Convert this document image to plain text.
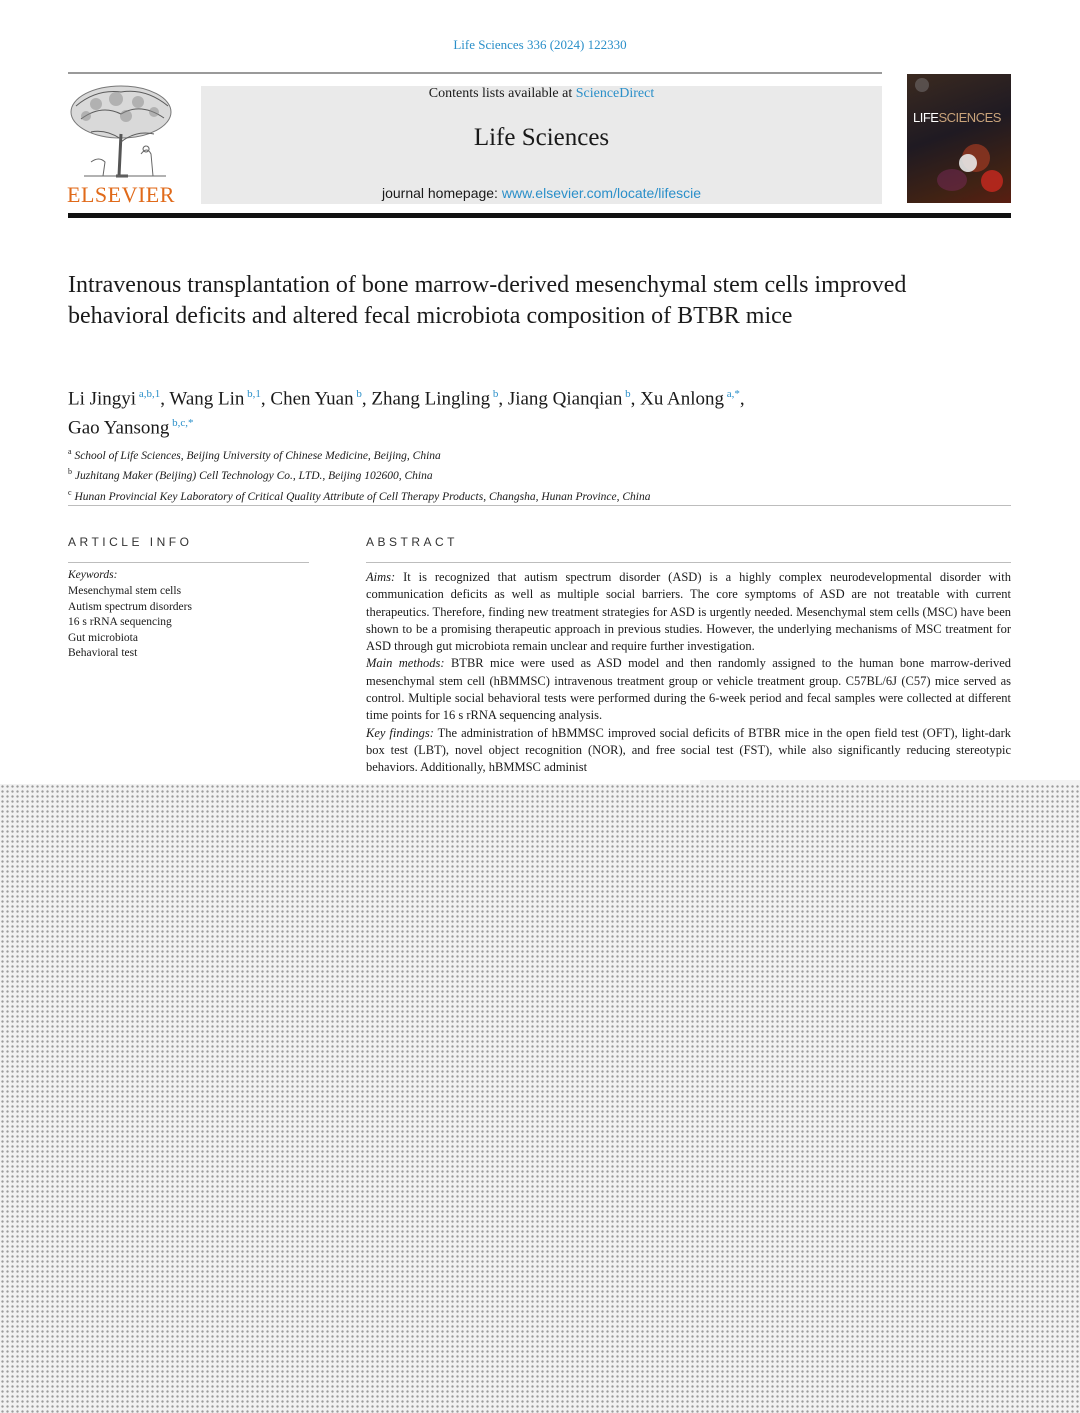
Life Sciences 336 (2024) 122330
ELSEVIER
Contents lists available at ScienceDirect
Life Sciences
journal homepage: www.elsevier.com/locate/lifescie
LIFESCIENCES
Intravenous transplantation of bone marrow-derived mesenchymal stem cells improved behavioral deficits and altered fecal microbiota composition of BTBR mice
Li Jingyi $^{a,b,1}$, Wang Lin $^{b,1}$, Chen Yuan $^b$, Zhang Lingling $^b$, Jiang Qianqian $^b$, Xu Anlong $^{a,*}$,
Gao Yansong $^{b,c,*}$
$^a$ School of Life Sciences, Beijing University of Chinese Medicine, Beijing, China
$^b$ Juzhitang Maker (Beijing) Cell Technology Co., LTD., Beijing 102600, China
$^c$ Hunan Provincial Key Laboratory of Critical Quality Attribute of Cell Therapy Products, Changsha, Hunan Province, China
ARTICLE INFO
Keywords:
Mesenchymal stem cells
Autism spectrum disorders
16 s rRNA sequencing
Gut microbiota
Behavioral test
ABSTRACT

Aims: It is recognized that autism spectrum disorder (ASD) is a highly complex neurodevelopmental disorder with communication deficits as well as multiple social barriers. The core symptoms of ASD are not treatable with current therapeutics. Therefore, finding new treatment strategies for ASD is urgently needed. Mesenchymal stem cells (MSC) have been shown to be a promising therapeutic approach in previous studies. However, the underlying mechanisms of MSC treatment for ASD through gut microbiota remain unclear and require further investigation.

Main methods: BTBR mice were used as ASD model and then randomly assigned to the human bone marrow-derived mesenchymal stem cell (hBMMSC) intravenous treatment group or vehicle treatment group. C57BL/6J (C57) mice served as control. Multiple social behavioral tests were performed during the 6-week period and fecal samples were collected at different time points for 16 s rRNA sequencing analysis.

Key findings: The administration of hBMMSC improved social deficits of BTBR mice in the open field test (OFT), light-dark box test (LBT), novel object recognition (NOR), and free social test (FST), while also significantly reducing stereotypic behaviors. Additionally, hBMMSC administ
